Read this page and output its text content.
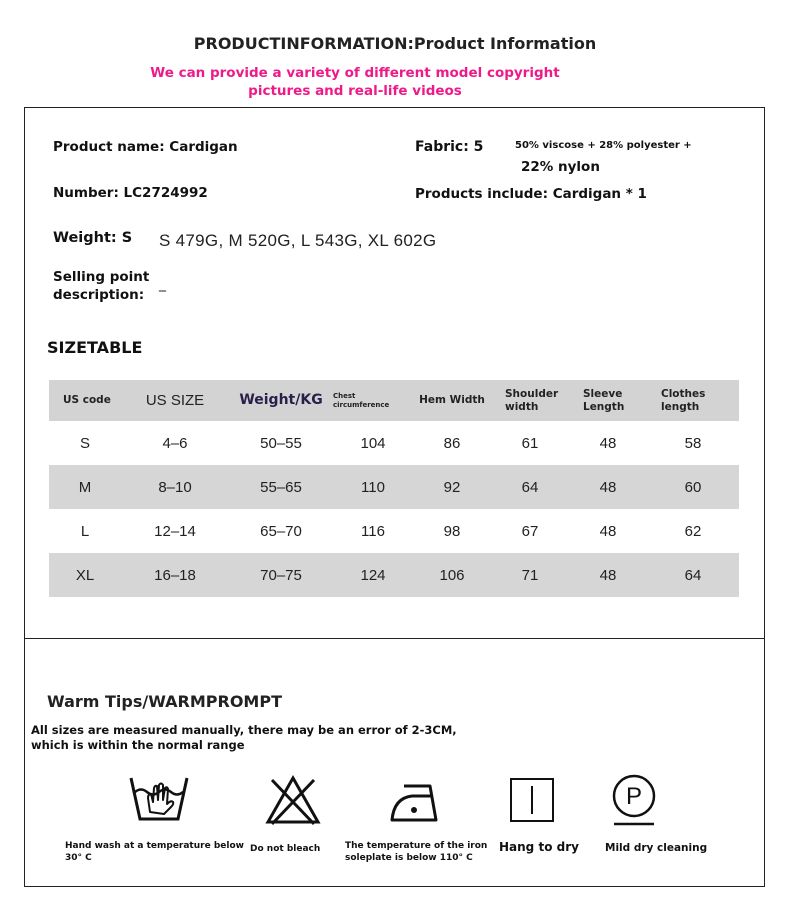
PRODUCTINFORMATION:Product Information
We can provide a variety of different model copyright pictures and real-life videos
Product name: Cardigan	Fabric: 5	50% viscose + 28% polyester +
22% nylon
Number: LC2724992	Products include: Cardigan * 1
Weight: S S 479G, M 520G, L 543G, XL 602G
Selling point
description:
_
SIZETABLE
US code	US SIZE	Weight/KG	Chest circumference	Hem Width	Shoulder width	Sleeve Length	Clothes length
S	4–6	50–55	104	86	61	48	58
M	8–10	55–65	110	92	64	48	60
L	12–14	65–70	116	98	67	48	62
XL	16–18	70–75	124	106	71	48	64
Warm Tips/WARMPROMPT
All sizes are measured manually, there may be an error of 2-3CM,
which is within the normal range
P
Hand wash at a temperature below
30° C
Do not bleach	The temperature of the iron
soleplate is below 110° C
Hang to dry Mild dry cleaning
